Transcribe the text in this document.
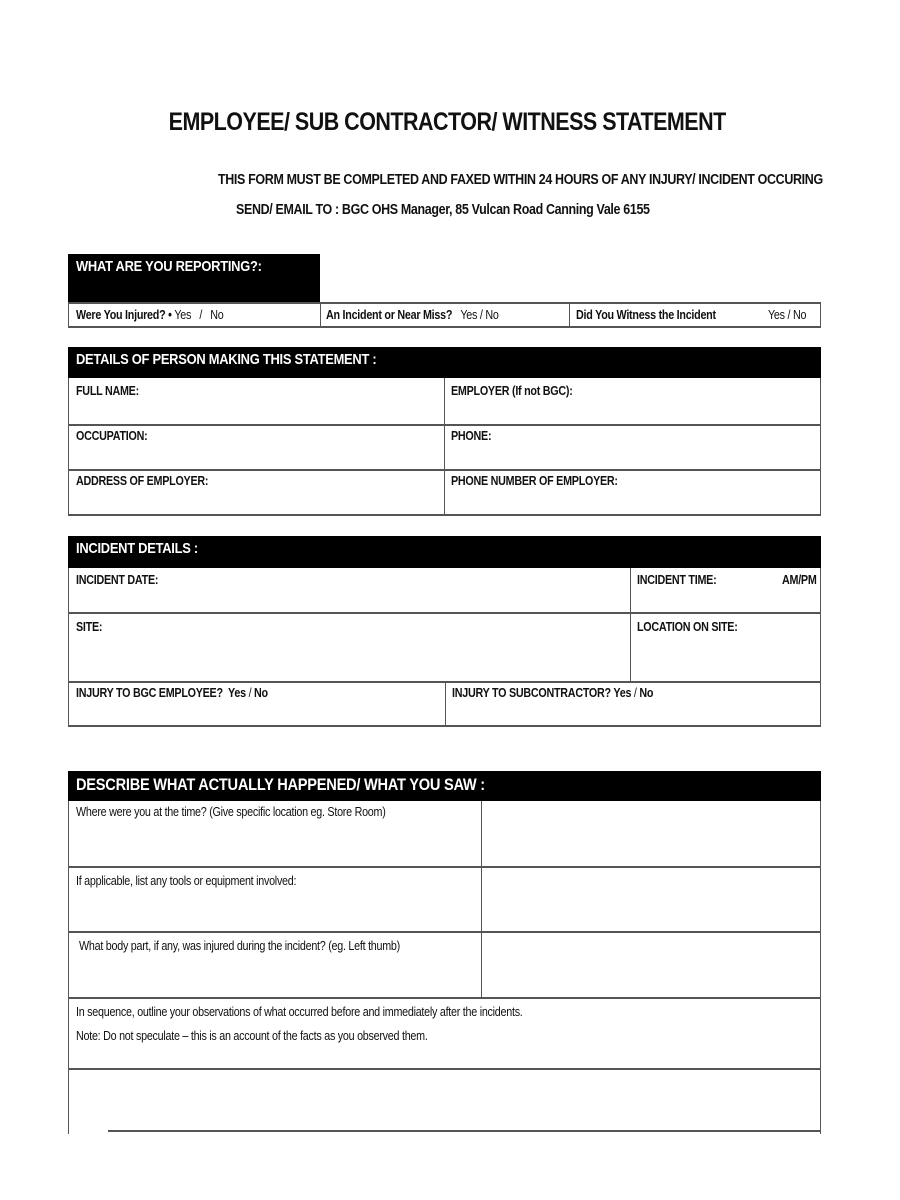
EMPLOYEE/ SUB CONTRACTOR/ WITNESS STATEMENT
THIS FORM MUST BE COMPLETED AND FAXED WITHIN 24 HOURS OF ANY INJURY/ INCIDENT OCCURING
SEND/ EMAIL TO : BGC OHS Manager, 85 Vulcan Road Canning Vale 6155
WHAT ARE YOU REPORTING?:
Were You Injured? • Yes / No	An Incident or Near Miss? Yes / No	Did You Witness the Incident	Yes / No
DETAILS OF PERSON MAKING THIS STATEMENT :
FULL NAME:	EMPLOYER (If not BGC):
OCCUPATION:	PHONE:
ADDRESS OF EMPLOYER:	PHONE NUMBER OF EMPLOYER:
INCIDENT DETAILS :
INCIDENT DATE:	INCIDENT TIME:	AM/PM
SITE:	LOCATION ON SITE:
INJURY TO BGC EMPLOYEE? Yes / No	INJURY TO SUBCONTRACTOR? Yes / No
DESCRIBE WHAT ACTUALLY HAPPENED/ WHAT YOU SAW :
Where were you at the time? (Give specific location eg. Store Room)
If applicable, list any tools or equipment involved:
What body part, if any, was injured during the incident? (eg. Left thumb)
In sequence, outline your observations of what occurred before and immediately after the incidents.
Note: Do not speculate – this is an account of the facts as you observed them.
